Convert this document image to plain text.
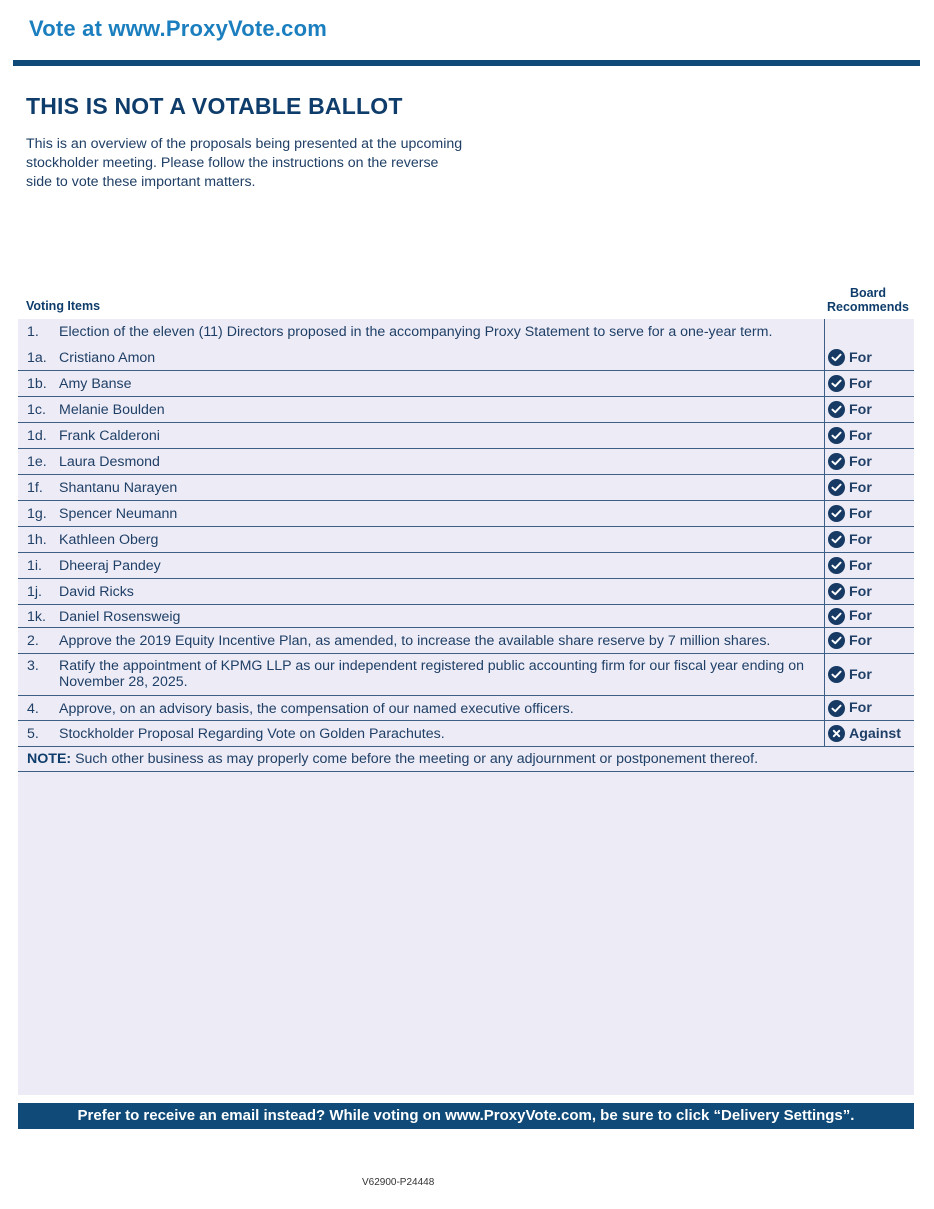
Vote at www.ProxyVote.com
THIS IS NOT A VOTABLE BALLOT

This is an overview of the proposals being presented at the upcoming stockholder meeting. Please follow the instructions on the reverse side to vote these important matters.

Voting Items
Board
Recommends
1. Election of the eleven (11) Directors proposed in the accompanying Proxy Statement to serve for a one-year term.
1a. Cristiano Amon	For
1b. Amy Banse	For
1c. Melanie Boulden	For
1d. Frank Calderoni	For
1e. Laura Desmond	For
1f. Shantanu Narayen	For
1g. Spencer Neumann	For
1h. Kathleen Oberg	For
1i. Dheeraj Pandey	For
1j. David Ricks	For
1k. Daniel Rosensweig	For
2. Approve the 2019 Equity Incentive Plan, as amended, to increase the available share reserve by 7 million shares.	For
3. Ratify the appointment of KPMG LLP as our independent registered public accounting firm for our fiscal year ending on November 28, 2025.	For
4. Approve, on an advisory basis, the compensation of our named executive officers.	For
5. Stockholder Proposal Regarding Vote on Golden Parachutes.	Against
NOTE: Such other business as may properly come before the meeting or any adjournment or postponement thereof.
Prefer to receive an email instead? While voting on www.ProxyVote.com, be sure to click “Delivery Settings”.
V62900-P24448
